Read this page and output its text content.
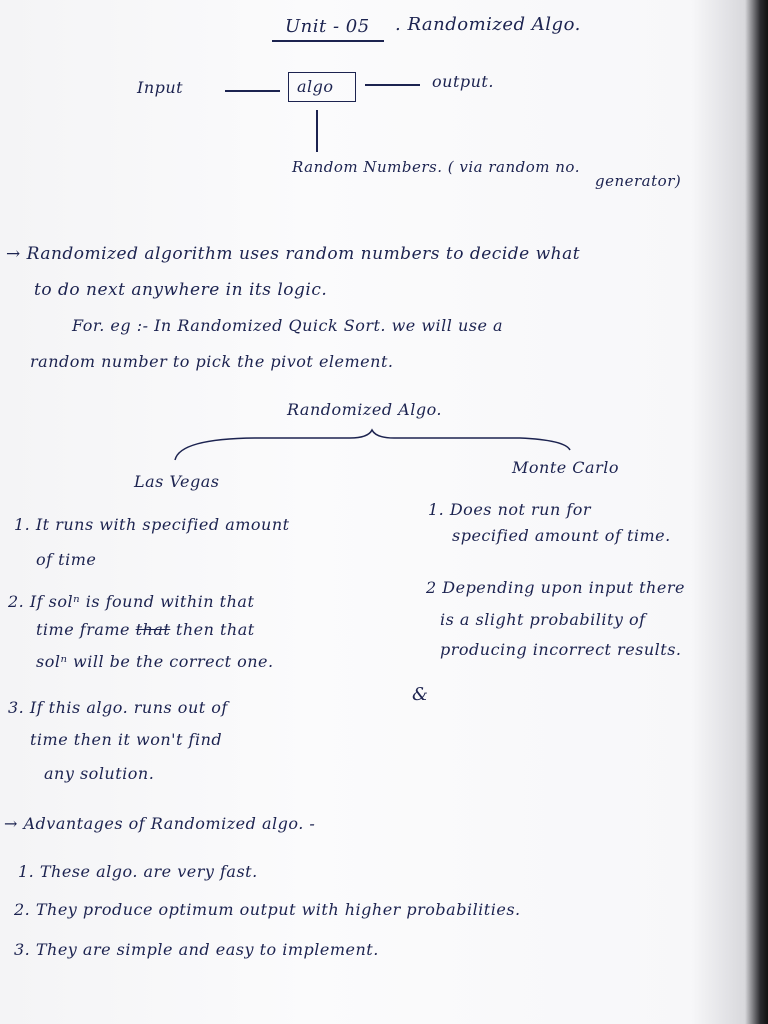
Unit - 05 . Randomized Algo.
Input	algo	output.
Random Numbers. ( via random no.
generator)
→ Randomized algorithm uses random numbers to decide what
to do next anywhere in its logic.
For. eg :- In Randomized Quick Sort. we will use a
random number to pick the pivot element.
Randomized Algo.
Las Vegas
Monte Carlo
1. It runs with specified amount
of time
2. If solⁿ is found within that
time frame that then that
solⁿ will be the correct one.
3. If this algo. runs out of
time then it won't find
any solution.
1. Does not run for
specified amount of time.
2 Depending upon input there
is a slight probability of
producing incorrect results.
&
→ Advantages of Randomized algo. -
1. These algo. are very fast.
2. They produce optimum output with higher probabilities.
3. They are simple and easy to implement.
